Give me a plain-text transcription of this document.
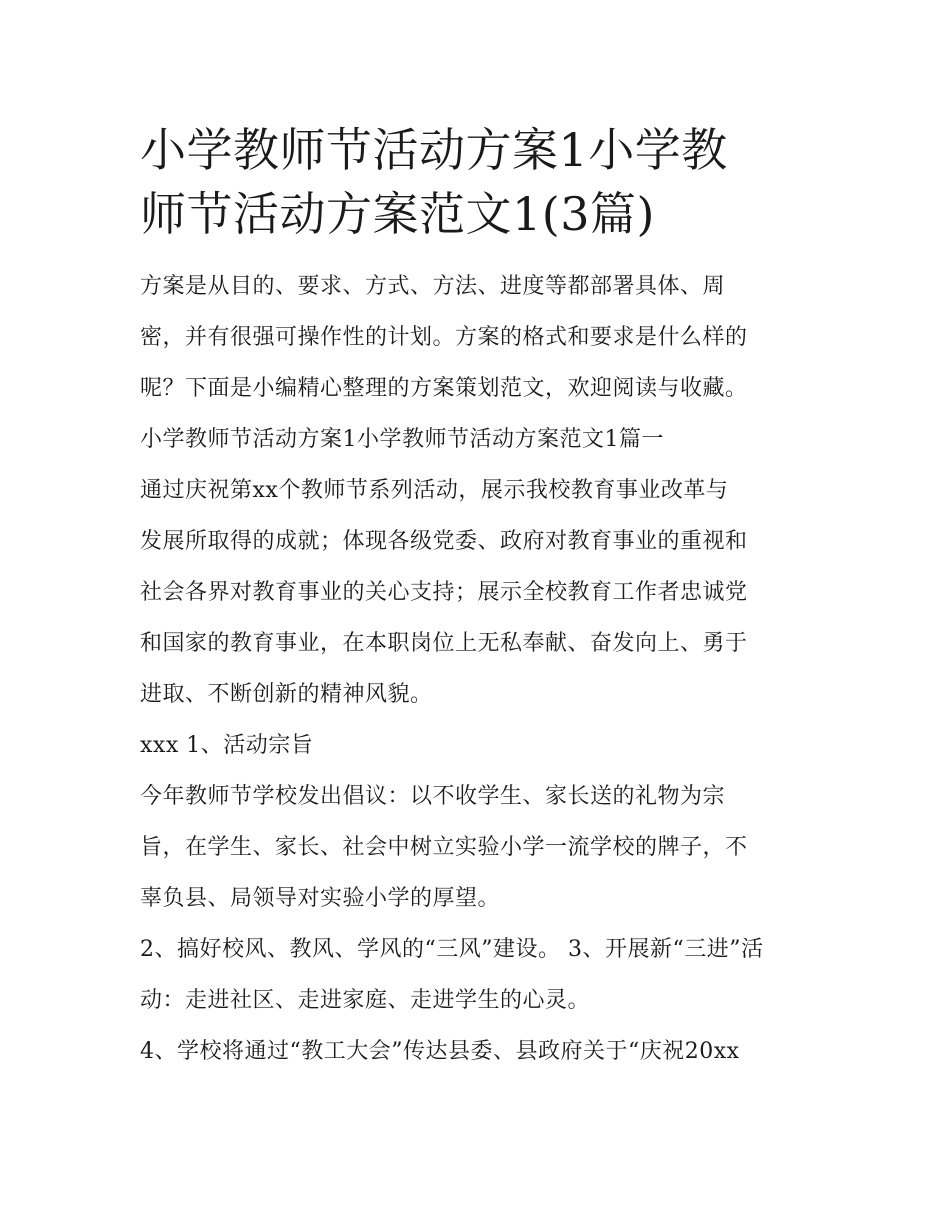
小学教师节活动方案1小学教
师节活动方案范文1(3篇)
方案是从目的、要求、方式、方法、进度等都部署具体、周
密，并有很强可操作性的计划。方案的格式和要求是什么样的
呢？下面是小编精心整理的方案策划范文，欢迎阅读与收藏。
小学教师节活动方案1小学教师节活动方案范文1篇一
通过庆祝第xx个教师节系列活动，展示我校教育事业改革与
发展所取得的成就；体现各级党委、政府对教育事业的重视和
社会各界对教育事业的关心支持；展示全校教育工作者忠诚党
和国家的教育事业，在本职岗位上无私奉献、奋发向上、勇于
进取、不断创新的精神风貌。
xxx 1、活动宗旨
今年教师节学校发出倡议：以不收学生、家长送的礼物为宗
旨，在学生、家长、社会中树立实验小学一流学校的牌子，不
辜负县、局领导对实验小学的厚望。
2、搞好校风、教风、学风的“三风”建设。 3、开展新“三进”活
动：走进社区、走进家庭、走进学生的心灵。
4、学校将通过“教工大会”传达县委、县政府关于“庆祝20xx
